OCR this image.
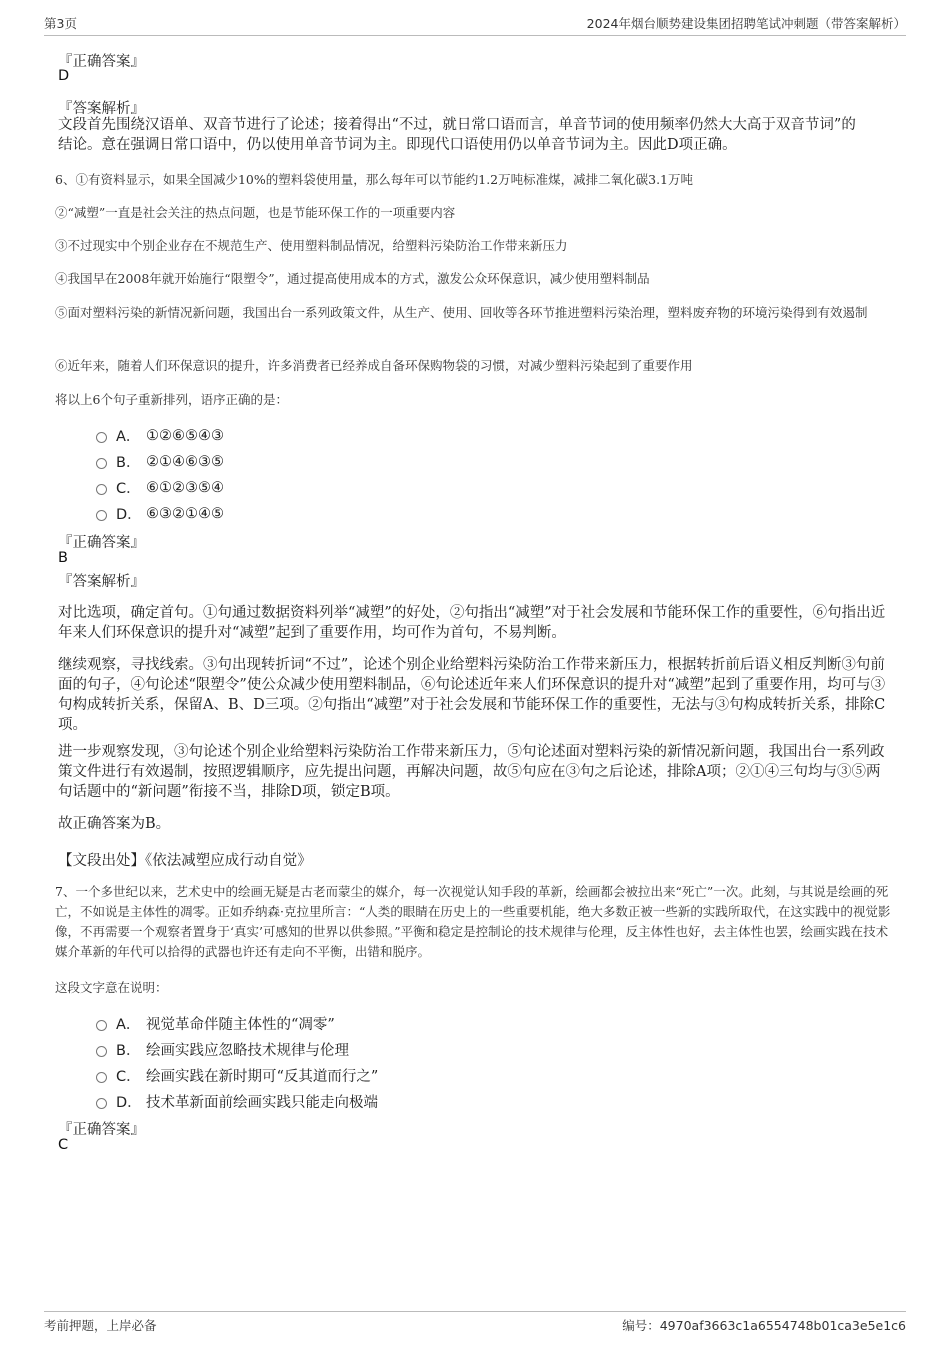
第3页	2024年烟台顺势建设集团招聘笔试冲刺题（带答案解析）
『正确答案』
D
『答案解析』
文段首先围绕汉语单、双音节进行了论述；接着得出“不过，就日常口语而言，单音节词的使用频率仍然大大高于双音节词”的结论。意在强调日常口语中，仍以使用单音节词为主。即现代口语使用仍以单音节词为主。因此D项正确。
6、①有资料显示，如果全国减少10%的塑料袋使用量，那么每年可以节能约1.2万吨标准煤，减排二氧化碳3.1万吨
②“减塑”一直是社会关注的热点问题，也是节能环保工作的一项重要内容
③不过现实中个别企业存在不规范生产、使用塑料制品情况，给塑料污染防治工作带来新压力
④我国早在2008年就开始施行“限塑令”，通过提高使用成本的方式，激发公众环保意识，减少使用塑料制品
⑤面对塑料污染的新情况新问题，我国出台一系列政策文件，从生产、使用、回收等各环节推进塑料污染治理，塑料废弃物的环境污染得到有效遏制
⑥近年来，随着人们环保意识的提升，许多消费者已经养成自备环保购物袋的习惯，对减少塑料污染起到了重要作用
将以上6个句子重新排列，语序正确的是：
A． ①②⑥⑤④③
B． ②①④⑥③⑤
C． ⑥①②③⑤④
D． ⑥③②①④⑤
『正确答案』
B
『答案解析』
对比选项，确定首句。①句通过数据资料列举“减塑”的好处，②句指出“减塑”对于社会发展和节能环保工作的重要性，⑥句指出近年来人们环保意识的提升对“减塑”起到了重要作用，均可作为首句，不易判断。
继续观察，寻找线索。③句出现转折词“不过”，论述个别企业给塑料污染防治工作带来新压力，根据转折前后语义相反判断③句前面的句子，④句论述“限塑令”使公众减少使用塑料制品，⑥句论述近年来人们环保意识的提升对“减塑”起到了重要作用，均可与③句构成转折关系，保留A、B、D三项。②句指出“减塑”对于社会发展和节能环保工作的重要性，无法与③句构成转折关系，排除C项。
进一步观察发现，③句论述个别企业给塑料污染防治工作带来新压力，⑤句论述面对塑料污染的新情况新问题，我国出台一系列政策文件进行有效遏制，按照逻辑顺序，应先提出问题，再解决问题，故⑤句应在③句之后论述，排除A项；②①④三句均与③⑤两句话题中的“新问题”衔接不当，排除D项，锁定B项。
故正确答案为B。
【文段出处】《依法减塑应成行动自觉》
7、一个多世纪以来，艺术史中的绘画无疑是古老而蒙尘的媒介，每一次视觉认知手段的革新，绘画都会被拉出来“死亡”一次。此刻，与其说是绘画的死亡，不如说是主体性的凋零。正如乔纳森·克拉里所言：“人类的眼睛在历史上的一些重要机能，绝大多数正被一些新的实践所取代，在这实践中的视觉影像，不再需要一个观察者置身于‘真实’可感知的世界以供参照。”平衡和稳定是控制论的技术规律与伦理，反主体性也好，去主体性也罢，绘画实践在技术媒介革新的年代可以拾得的武器也许还有走向不平衡，出错和脱序。
这段文字意在说明：
A． 视觉革命伴随主体性的“凋零”
B． 绘画实践应忽略技术规律与伦理
C． 绘画实践在新时期可“反其道而行之”
D． 技术革新面前绘画实践只能走向极端
『正确答案』
C
考前押题，上岸必备	编号：4970af3663c1a6554748b01ca3e5e1c6
